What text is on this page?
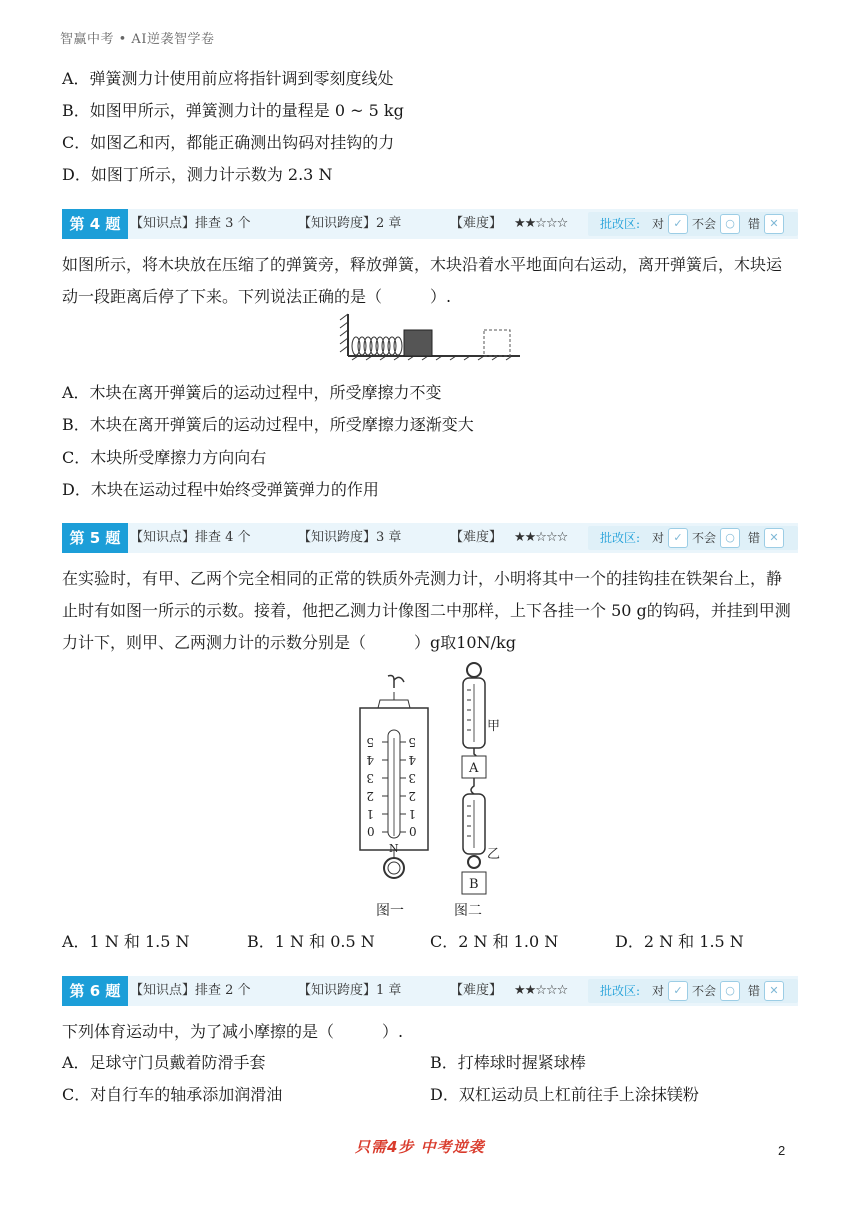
智赢中考 • AI逆袭智学卷
A．弹簧测力计使用前应将指针调到零刻度线处
B．如图甲所示，弹簧测力计的量程是 0 ~ 5 kg
C．如图乙和丙，都能正确测出钩码对挂钩的力
D．如图丁所示，测力计示数为 2.3 N
第 4 题 【知识点】排查 3 个	【知识跨度】2 章	【难度】 ★★☆☆☆	批改区: 对 ✓ 不会 ○	错 ✕
如图所示，将木块放在压缩了的弹簧旁，释放弹簧，木块沿着水平地面向右运动，离开弹簧后，木块运动一段距离后停了下来。下列说法正确的是（　　　）.
A．木块在离开弹簧后的运动过程中，所受摩擦力不变
B．木块在离开弹簧后的运动过程中，所受摩擦力逐渐变大
C．木块所受摩擦力方向向右
D．木块在运动过程中始终受弹簧弹力的作用
第 5 题 【知识点】排查 4 个	【知识跨度】3 章	【难度】 ★★☆☆☆	批改区: 对 ✓ 不会 ○	错 ✕
在实验时，有甲、乙两个完全相同的正常的铁质外壳测力计，小明将其中一个的挂钩挂在铁架台上，静止时有如图一所示的示数。接着，他把乙测力计像图二中那样，上下各挂一个 50 g的钩码，并挂到甲测力计下，则甲、乙两测力计的示数分别是（　　　）g取10N/kg
5
4
3
2
1
0
5
4
3
2
1
0
N
甲
A
乙
B
图一	图二
A．1 N 和 1.5 N	B．1 N 和 0.5 N	C．2 N 和 1.0 N	D．2 N 和 1.5 N
第 6 题 【知识点】排查 2 个	【知识跨度】1 章	【难度】 ★★☆☆☆	批改区: 对 ✓ 不会 ○	错 ✕
下列体育运动中，为了减小摩擦的是（　　　）.
A．足球守门员戴着防滑手套	B．打棒球时握紧球棒
C．对自行车的轴承添加润滑油	D．双杠运动员上杠前往手上涂抹镁粉
只需4步 中考逆袭	2
